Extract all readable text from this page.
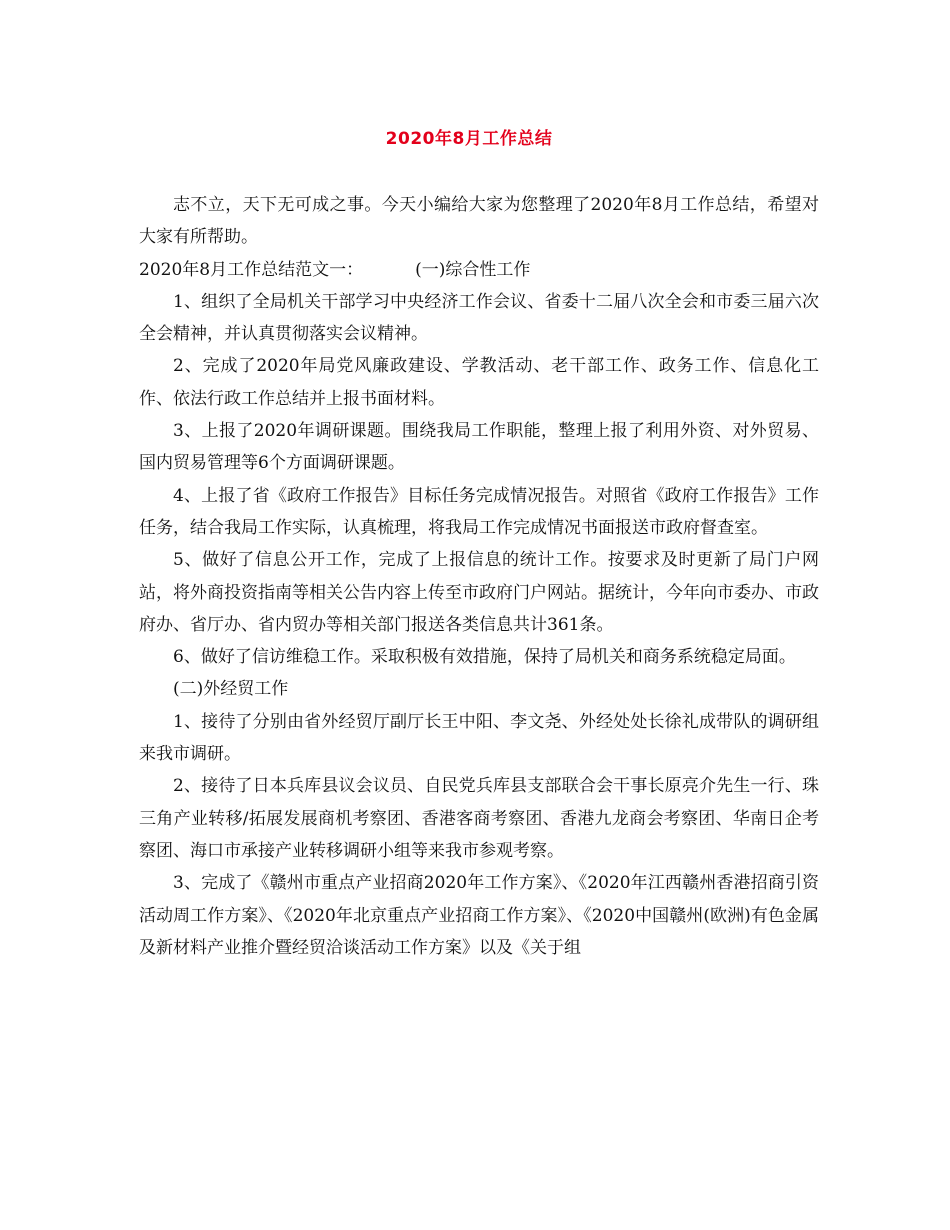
2020年8月工作总结

志不立，天下无可成之事。今天小编给大家为您整理了2020年8月工作总结，希望对大家有所帮助。

2020年8月工作总结范文一：	(一)综合性工作

1、组织了全局机关干部学习中央经济工作会议、省委十二届八次全会和市委三届六次全会精神，并认真贯彻落实会议精神。

2、完成了2020年局党风廉政建设、学教活动、老干部工作、政务工作、信息化工作、依法行政工作总结并上报书面材料。

3、上报了2020年调研课题。围绕我局工作职能，整理上报了利用外资、对外贸易、国内贸易管理等6个方面调研课题。

4、上报了省《政府工作报告》目标任务完成情况报告。对照省《政府工作报告》工作任务，结合我局工作实际，认真梳理，将我局工作完成情况书面报送市政府督查室。

5、做好了信息公开工作，完成了上报信息的统计工作。按要求及时更新了局门户网站，将外商投资指南等相关公告内容上传至市政府门户网站。据统计，今年向市委办、市政府办、省厅办、省内贸办等相关部门报送各类信息共计361条。

6、做好了信访维稳工作。采取积极有效措施，保持了局机关和商务系统稳定局面。

(二)外经贸工作

1、接待了分别由省外经贸厅副厅长王中阳、李文尧、外经处处长徐礼成带队的调研组来我市调研。

2、接待了日本兵库县议会议员、自民党兵库县支部联合会干事长原亮介先生一行、珠三角产业转移/拓展发展商机考察团、香港客商考察团、香港九龙商会考察团、华南日企考察团、海口市承接产业转移调研小组等来我市参观考察。

3、完成了《赣州市重点产业招商2020年工作方案》、《2020年江西赣州香港招商引资活动周工作方案》、《2020年北京重点产业招商工作方案》、《2020中国赣州(欧洲)有色金属及新材料产业推介暨经贸洽谈活动工作方案》以及《关于组
